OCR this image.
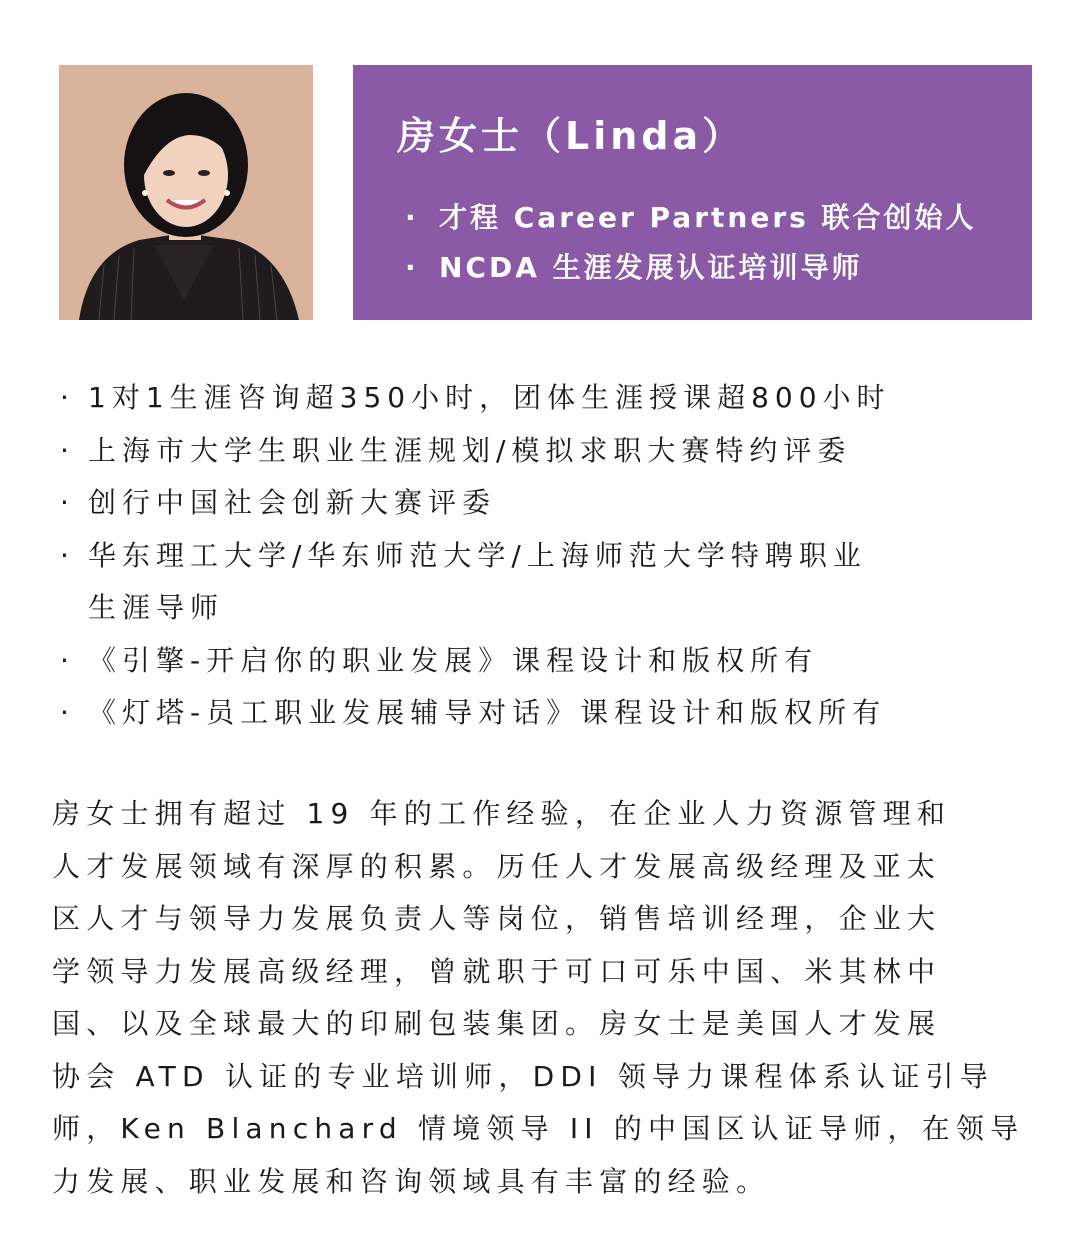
房女士（Linda）
· 才程 Career Partners 联合创始人
· NCDA 生涯发展认证培训导师
· 1对1生涯咨询超350小时，团体生涯授课超800小时
· 上海市大学生职业生涯规划/模拟求职大赛特约评委
· 创行中国社会创新大赛评委
· 华东理工大学/华东师范大学/上海师范大学特聘职业
生涯导师
· 《引擎-开启你的职业发展》课程设计和版权所有
· 《灯塔-员工职业发展辅导对话》课程设计和版权所有
房女士拥有超过 19 年的工作经验，在企业人力资源管理和
人才发展领域有深厚的积累。历任人才发展高级经理及亚太
区人才与领导力发展负责人等岗位，销售培训经理，企业大
学领导力发展高级经理，曾就职于可口可乐中国、米其林中
国、以及全球最大的印刷包装集团。房女士是美国人才发展
协会 ATD 认证的专业培训师，DDI 领导力课程体系认证引导
师，Ken Blanchard 情境领导 II 的中国区认证导师，在领导
力发展、职业发展和咨询领域具有丰富的经验。
